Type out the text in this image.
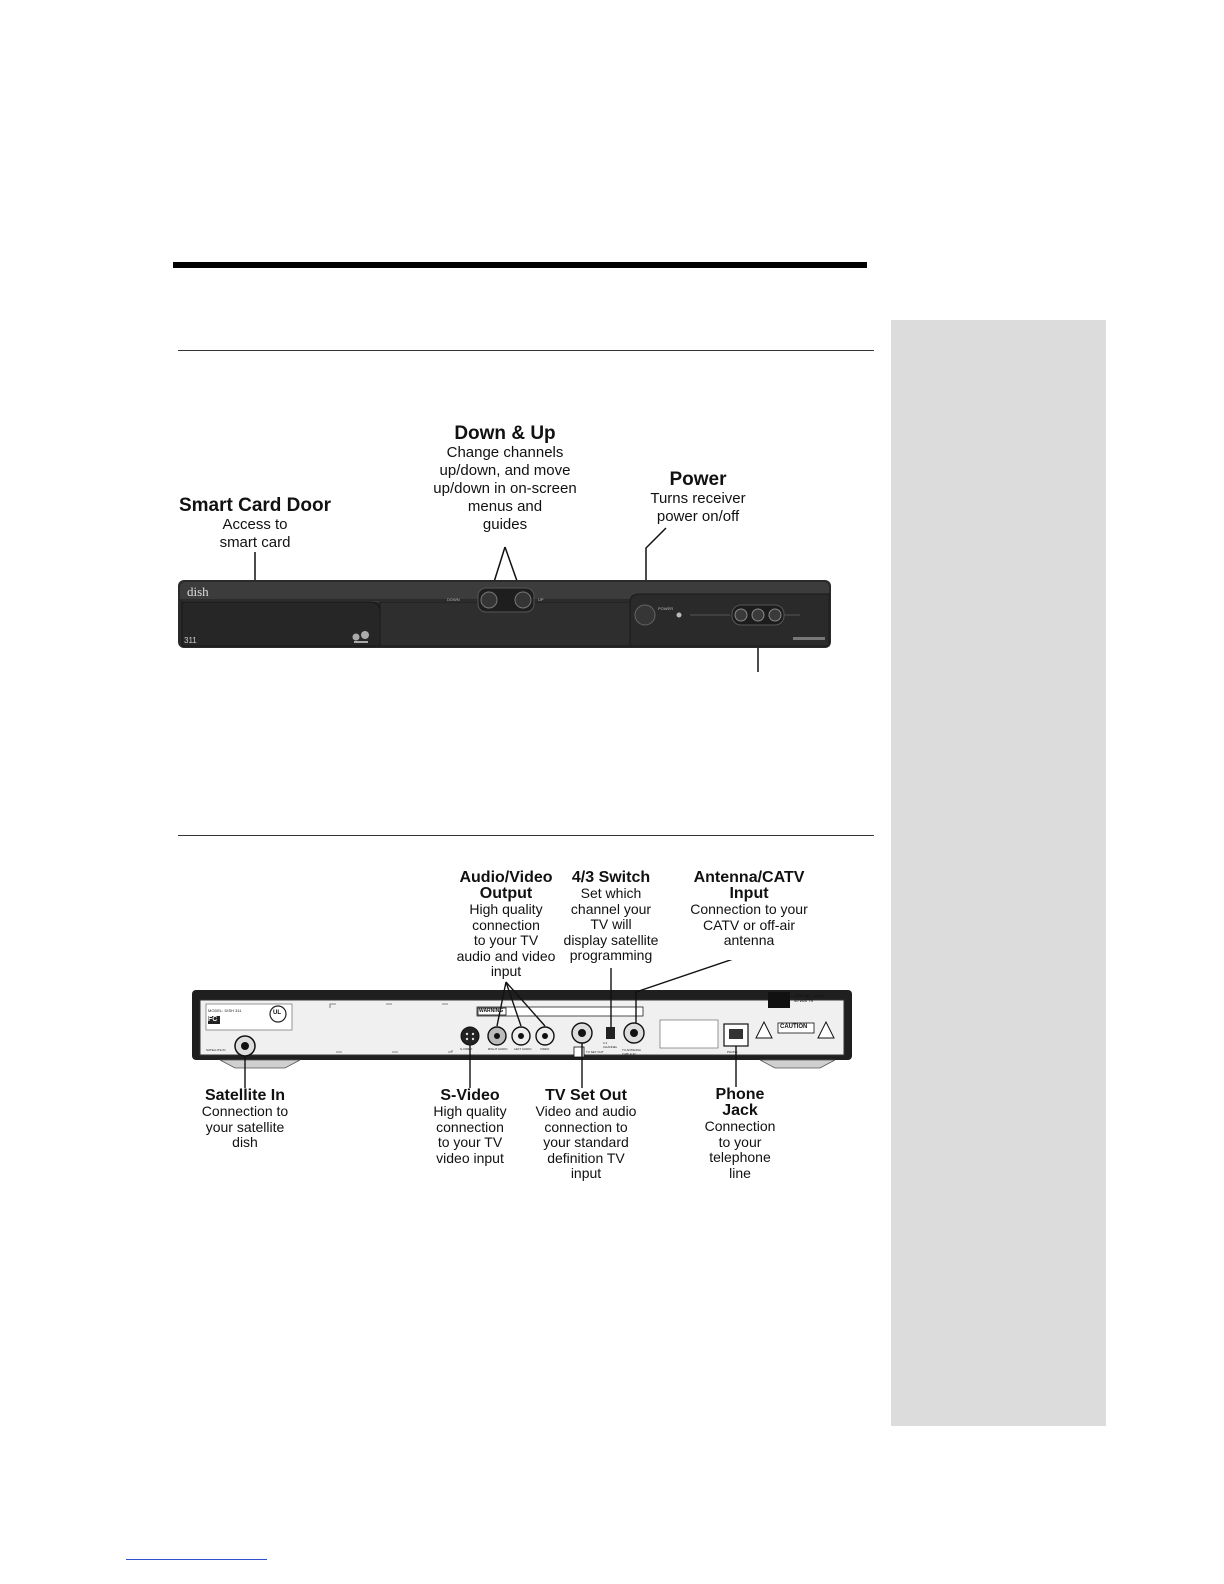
Smart Card Door
Access to
smart card
Down & Up
Change channels
up/down, and move
up/down in on-screen
menus and
guides
Power
Turns receiver
power on/off
dish
311
DOWN	UP
POWER
Audio/Video
Output
High quality
connection
to your TV
audio and video
input
4/3 Switch
Set which
channel your
TV will
display satellite
programming
Antenna/CATV
Input
Connection to your
CATV or off-air
antenna
Satellite In
Connection to
your satellite
dish
S-Video
High quality
connection
to your TV
video input
TV Set Out
Video and audio
connection to
your standard
definition TV
input
Phone
Jack
Connection
to your
telephone
line
MODEL: DISH 311
FC
UL	WARNING
CAUTION
120V AC ~ 60Hz
40 WATTS
S-VIDEO	RIGHT AUDIO LEFT AUDIO	VIDEO
3 4
CHANNEL
TV SET OUT	TV ANTENNA
CABLE IN	PHONE
SATELLITE IN
